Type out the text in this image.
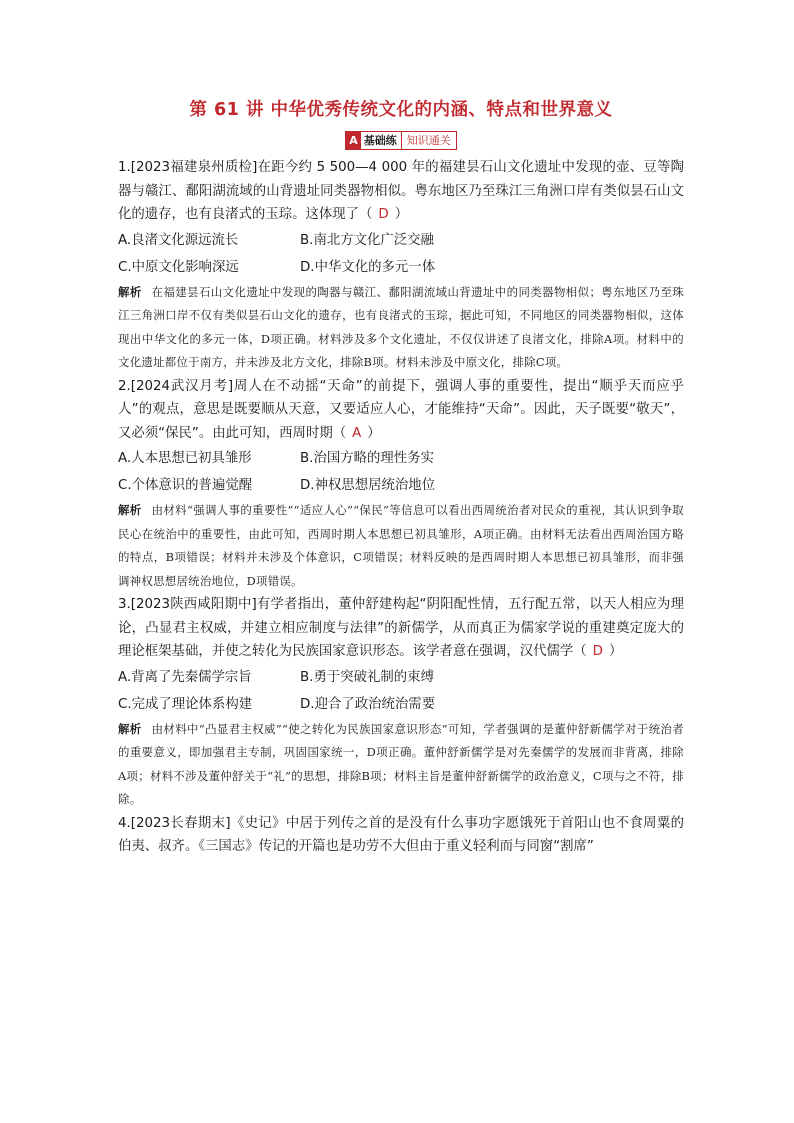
第 61 讲 中华优秀传统文化的内涵、特点和世界意义
A 基础练 知识通关

1.[2023福建泉州质检]在距今约 5 500—4 000 年的福建昙石山文化遗址中发现的壶、豆等陶器与赣江、鄱阳湖流域的山背遗址同类器物相似。粤东地区乃至珠江三角洲口岸有类似昙石山文化的遗存，也有良渚式的玉琮。这体现了（ D ）

A.良渚文化源远流长	B.南北方文化广泛交融
C.中原文化影响深远	D.中华文化的多元一体

解析 在福建昙石山文化遗址中发现的陶器与赣江、鄱阳湖流域山背遗址中的同类器物相似；粤东地区乃至珠江三角洲口岸不仅有类似昙石山文化的遗存，也有良渚式的玉琮，据此可知，不同地区的同类器物相似，这体现出中华文化的多元一体，D项正确。材料涉及多个文化遗址，不仅仅讲述了良渚文化，排除A项。材料中的文化遗址都位于南方，并未涉及北方文化，排除B项。材料未涉及中原文化，排除C项。

2.[2024武汉月考]周人在不动摇“天命”的前提下，强调人事的重要性，提出“顺乎天而应乎人”的观点，意思是既要顺从天意，又要适应人心，才能维持“天命”。因此，天子既要“敬天”，又必须“保民”。由此可知，西周时期（ A ）

A.人本思想已初具雏形	B.治国方略的理性务实
C.个体意识的普遍觉醒	D.神权思想居统治地位

解析 由材料“强调人事的重要性”“适应人心”“保民”等信息可以看出西周统治者对民众的重视，其认识到争取民心在统治中的重要性，由此可知，西周时期人本思想已初具雏形，A项正确。由材料无法看出西周治国方略的特点，B项错误；材料并未涉及个体意识，C项错误；材料反映的是西周时期人本思想已初具雏形，而非强调神权思想居统治地位，D项错误。

3.[2023陕西咸阳期中]有学者指出，董仲舒建构起“阴阳配性情，五行配五常，以天人相应为理论，凸显君主权威，并建立相应制度与法律”的新儒学，从而真正为儒家学说的重建奠定庞大的理论框架基础，并使之转化为民族国家意识形态。该学者意在强调，汉代儒学（ D ）

A.背离了先秦儒学宗旨	B.勇于突破礼制的束缚
C.完成了理论体系构建	D.迎合了政治统治需要

解析 由材料中“凸显君主权威”“使之转化为民族国家意识形态”可知，学者强调的是董仲舒新儒学对于统治者的重要意义，即加强君主专制，巩固国家统一，D项正确。董仲舒新儒学是对先秦儒学的发展而非背离，排除A项；材料不涉及董仲舒关于“礼”的思想，排除B项；材料主旨是董仲舒新儒学的政治意义，C项与之不符，排除。

4.[2023长春期末]《史记》中居于列传之首的是没有什么事功字愿饿死于首阳山也不食周粟的伯夷、叔齐。《三国志》传记的开篇也是功劳不大但由于重义轻利而与同窗“割席”
